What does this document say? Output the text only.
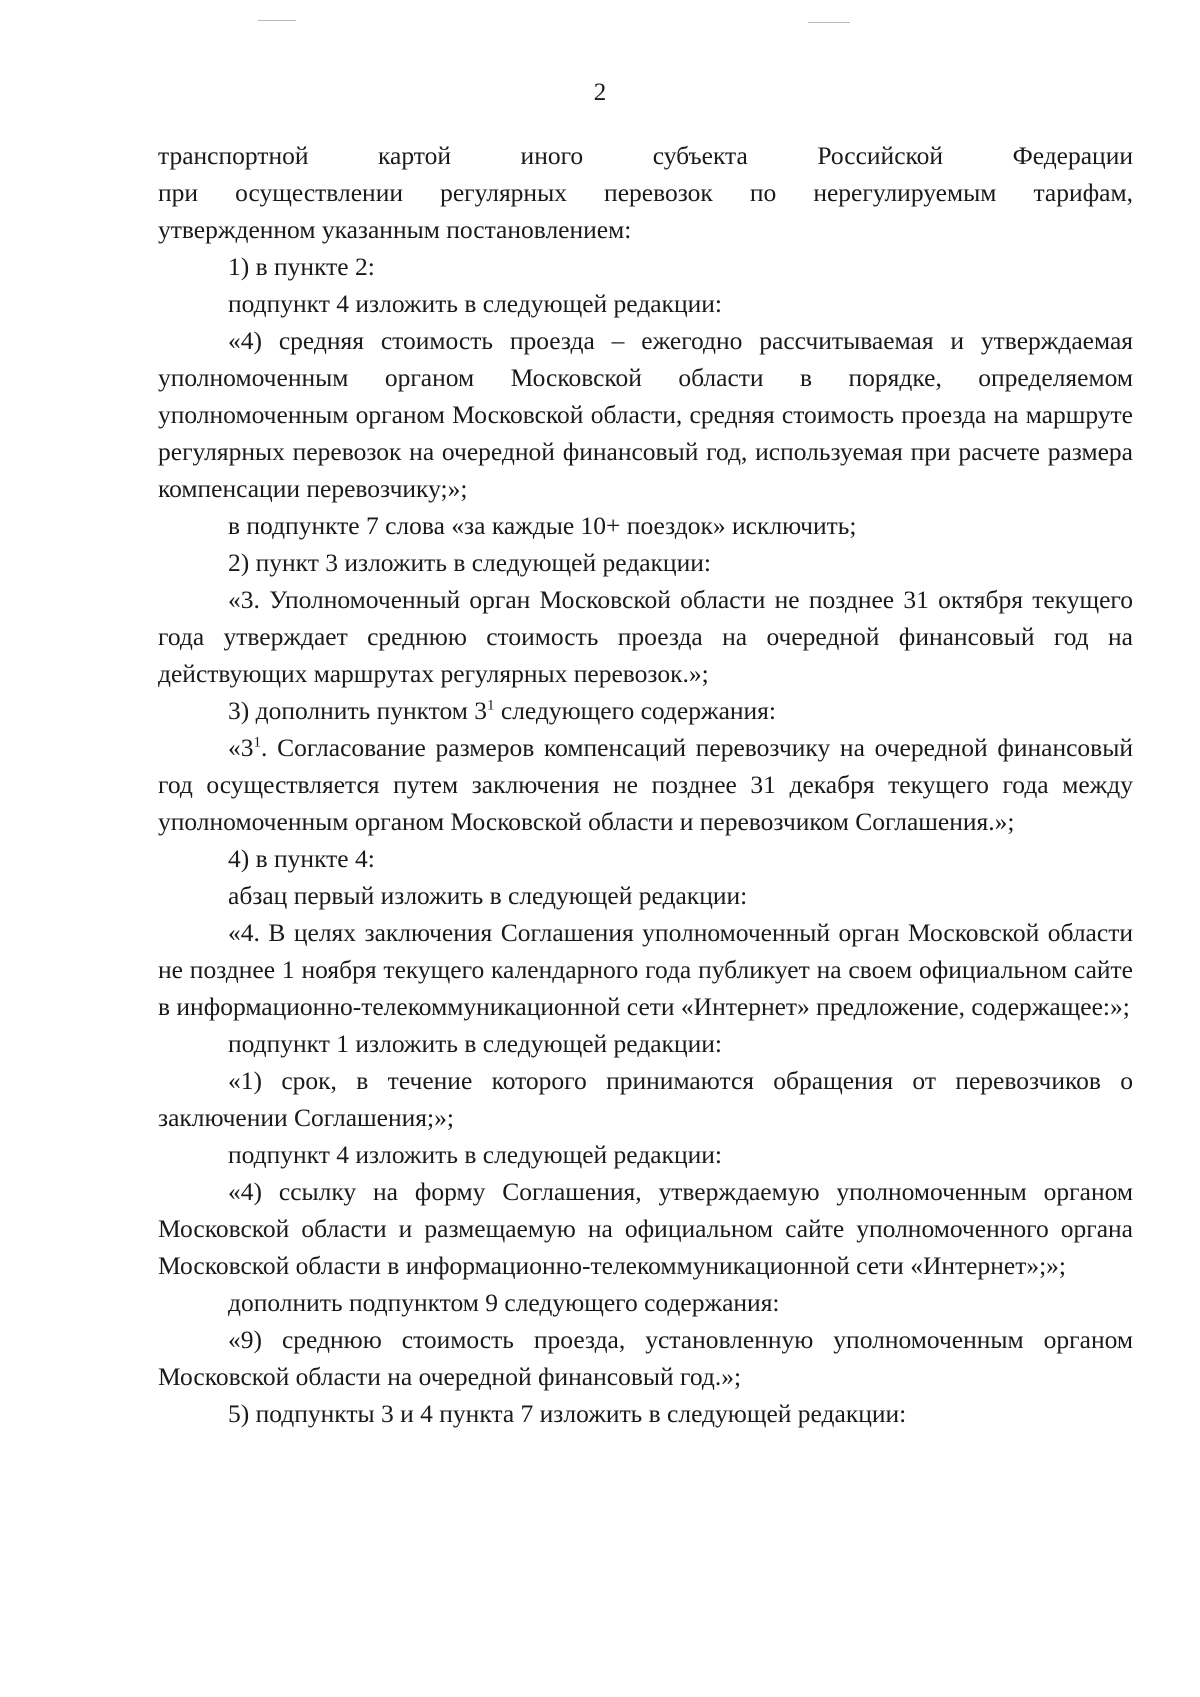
2

транспортной картой иного субъекта Российской Федерации

при осуществлении регулярных перевозок по нерегулируемым тарифам,

утвержденном указанным постановлением:

1) в пункте 2:

подпункт 4 изложить в следующей редакции:

«4) средняя стоимость проезда – ежегодно рассчитываемая и утверждаемая уполномоченным органом Московской области в порядке, определяемом уполномоченным органом Московской области, средняя стоимость проезда на маршруте регулярных перевозок на очередной финансовый год, используемая при расчете размера компенсации перевозчику;»;

в подпункте 7 слова «за каждые 10+ поездок» исключить;

2) пункт 3 изложить в следующей редакции:

«3. Уполномоченный орган Московской области не позднее 31 октября текущего года утверждает среднюю стоимость проезда на очередной финансовый год на действующих маршрутах регулярных перевозок.»;

3) дополнить пунктом $3^1$ следующего содержания:

«$3^1$. Согласование размеров компенсаций перевозчику на очередной финансовый год осуществляется путем заключения не позднее 31 декабря текущего года между уполномоченным органом Московской области и перевозчиком Соглашения.»;

4) в пункте 4:

абзац первый изложить в следующей редакции:

«4. В целях заключения Соглашения уполномоченный орган Московской области не позднее 1 ноября текущего календарного года публикует на своем официальном сайте в информационно-телекоммуникационной сети «Интернет» предложение, содержащее:»;

подпункт 1 изложить в следующей редакции:

«1) срок, в течение которого принимаются обращения от перевозчиков о заключении Соглашения;»;

подпункт 4 изложить в следующей редакции:

«4) ссылку на форму Соглашения, утверждаемую уполномоченным органом Московской области и размещаемую на официальном сайте уполномоченного органа Московской области в информационно-телекоммуникационной сети «Интернет»;»;

дополнить подпунктом 9 следующего содержания:

«9) среднюю стоимость проезда, установленную уполномоченным органом Московской области на очередной финансовый год.»;

5) подпункты 3 и 4 пункта 7 изложить в следующей редакции:
